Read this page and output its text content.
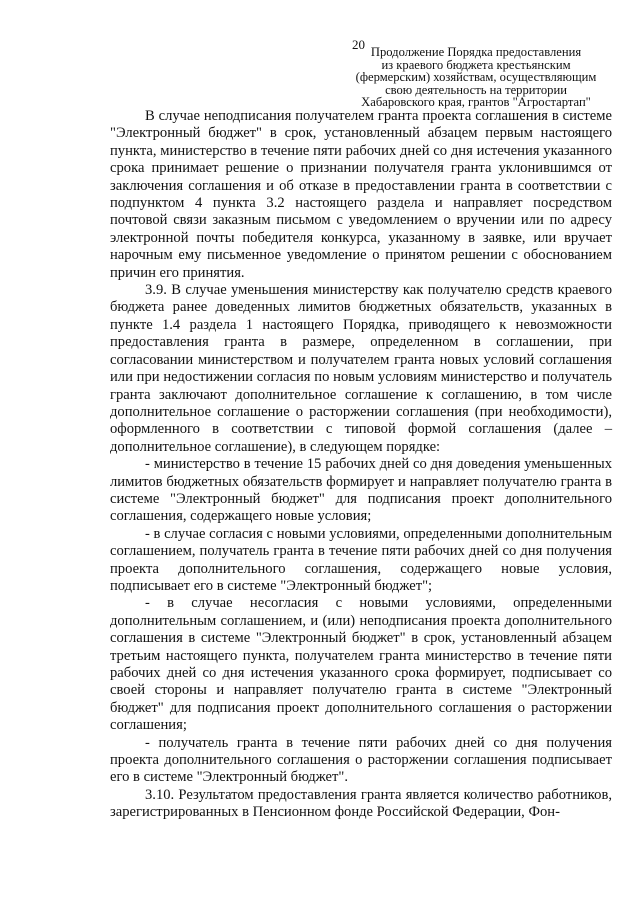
20 Продолжение Порядка предоставления
из краевого бюджета крестьянским
(фермерским) хозяйствам, осуществляющим
свою деятельность на территории
Хабаровского края, грантов "Агростартап"

В случае неподписания получателем гранта проекта соглашения в системе "Электронный бюджет" в срок, установленный абзацем первым настоящего пункта, министерство в течение пяти рабочих дней со дня истечения указанного срока принимает решение о признании получателя гранта уклонившимся от заключения соглашения и об отказе в предоставлении гранта в соответствии с подпунктом 4 пункта 3.2 настоящего раздела и направляет посредством почтовой связи заказным письмом с уведомлением о вручении или по адресу электронной почты победителя конкурса, указанному в заявке, или вручает нарочным ему письменное уведомление о принятом решении с обоснованием причин его принятия.

3.9. В случае уменьшения министерству как получателю средств краевого бюджета ранее доведенных лимитов бюджетных обязательств, указанных в пункте 1.4 раздела 1 настоящего Порядка, приводящего к невозможности предоставления гранта в размере, определенном в соглашении, при согласовании министерством и получателем гранта новых условий соглашения или при недостижении согласия по новым условиям министерство и получатель гранта заключают дополнительное соглашение к соглашению, в том числе дополнительное соглашение о расторжении соглашения (при необходимости), оформленного в соответствии с типовой формой соглашения (далее – дополнительное соглашение), в следующем порядке:

- министерство в течение 15 рабочих дней со дня доведения уменьшенных лимитов бюджетных обязательств формирует и направляет получателю гранта в системе "Электронный бюджет" для подписания проект дополнительного соглашения, содержащего новые условия;

- в случае согласия с новыми условиями, определенными дополнительным соглашением, получатель гранта в течение пяти рабочих дней со дня получения проекта дополнительного соглашения, содержащего новые условия, подписывает его в системе "Электронный бюджет";

- в случае несогласия с новыми условиями, определенными дополнительным соглашением, и (или) неподписания проекта дополнительного соглашения в системе "Электронный бюджет" в срок, установленный абзацем третьим настоящего пункта, получателем гранта министерство в течение пяти рабочих дней со дня истечения указанного срока формирует, подписывает со своей стороны и направляет получателю гранта в системе "Электронный бюджет" для подписания проект дополнительного соглашения о расторжении соглашения;

- получатель гранта в течение пяти рабочих дней со дня получения проекта дополнительного соглашения о расторжении соглашения подписывает его в системе "Электронный бюджет".

3.10. Результатом предоставления гранта является количество работников, зарегистрированных в Пенсионном фонде Российской Федерации, Фон-
